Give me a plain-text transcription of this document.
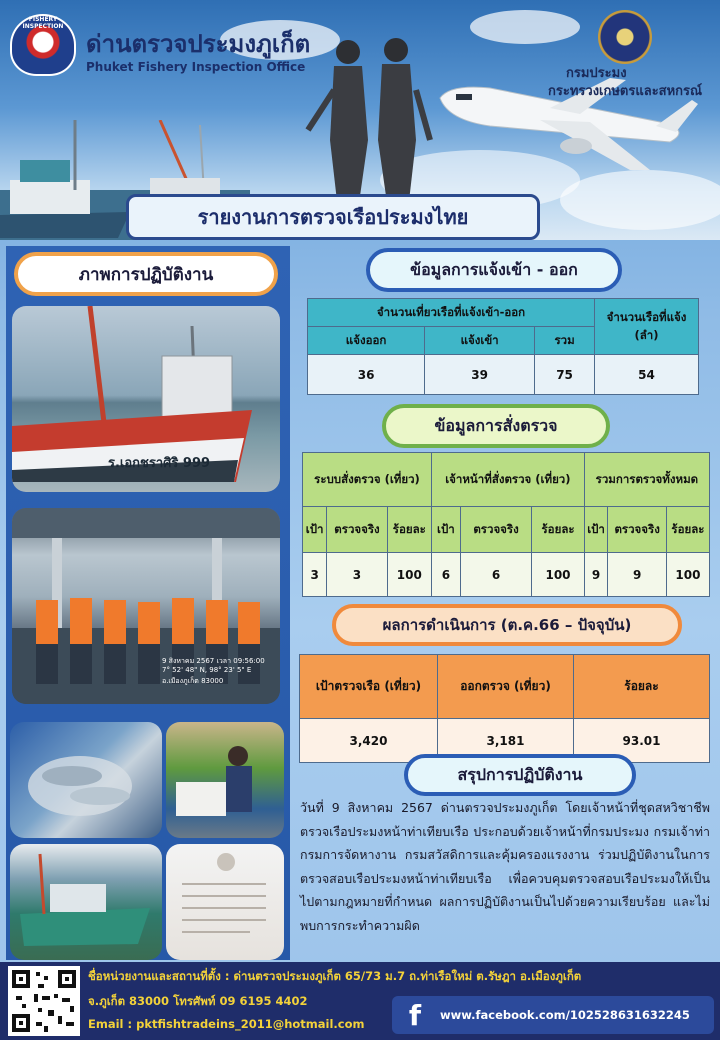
FISHERY INSPECTION
ด่านตรวจประมงภูเก็ต
Phuket Fishery Inspection Office	กรมประมง
กระทรวงเกษตรและสหกรณ์
รายงานการตรวจเรือประมงไทย
ภาพการปฏิบัติงาน
ร.เอกชราศิริ 999
9 สิงหาคม 2567 เวลา 09:56:00
7° 52' 48" N, 98° 23' 5" E
อ.เมืองภูเก็ต 83000
ข้อมูลการแจ้งเข้า - ออก
จำนวนเที่ยวเรือที่แจ้งเข้า-ออก			จำนวนเรือที่แจ้ง (ลำ)
แจ้งออก	แจ้งเข้า	รวม	
36	39	75	54
ข้อมูลการสั่งตรวจ
ระบบสั่งตรวจ (เที่ยว)			เจ้าหน้าที่สั่งตรวจ (เที่ยว)			รวมการตรวจทั้งหมด		
เป้า	ตรวจจริง	ร้อยละ	เป้า	ตรวจจริง	ร้อยละ	เป้า	ตรวจจริง	ร้อยละ
3	3	100	6	6	100	9	9	100
ผลการดำเนินการ (ต.ค.66 – ปัจจุบัน)
เป้าตรวจเรือ (เที่ยว)	ออกตรวจ (เที่ยว)	ร้อยละ
3,420	3,181	93.01
สรุปการปฏิบัติงาน
วันที่ 9 สิงหาคม 2567 ด่านตรวจประมงภูเก็ต โดยเจ้าหน้าที่ชุดสหวิชาชีพตรวจเรือประมงหน้าท่าเทียบเรือ ประกอบด้วยเจ้าหน้าที่กรมประมง กรมเจ้าท่า กรมการจัดหางาน กรมสวัสดิการและคุ้มครองแรงงาน ร่วมปฏิบัติงานในการตรวจสอบเรือประมงหน้าท่าเทียบเรือ เพื่อควบคุมตรวจสอบเรือประมงให้เป็นไปตามกฎหมายที่กำหนด ผลการปฏิบัติงานเป็นไปด้วยความเรียบร้อย และไม่พบการกระทำความผิด
ชื่อหน่วยงานและสถานที่ตั้ง : ด่านตรวจประมงภูเก็ต 65/73 ม.7 ถ.ท่าเรือใหม่ ต.รัษฎา อ.เมืองภูเก็ต
จ.ภูเก็ต 83000 โทรศัพท์ 09 6195 4402
Email : pktfishtradeins_2011@hotmail.com	f	www.facebook.com/102528631632245
